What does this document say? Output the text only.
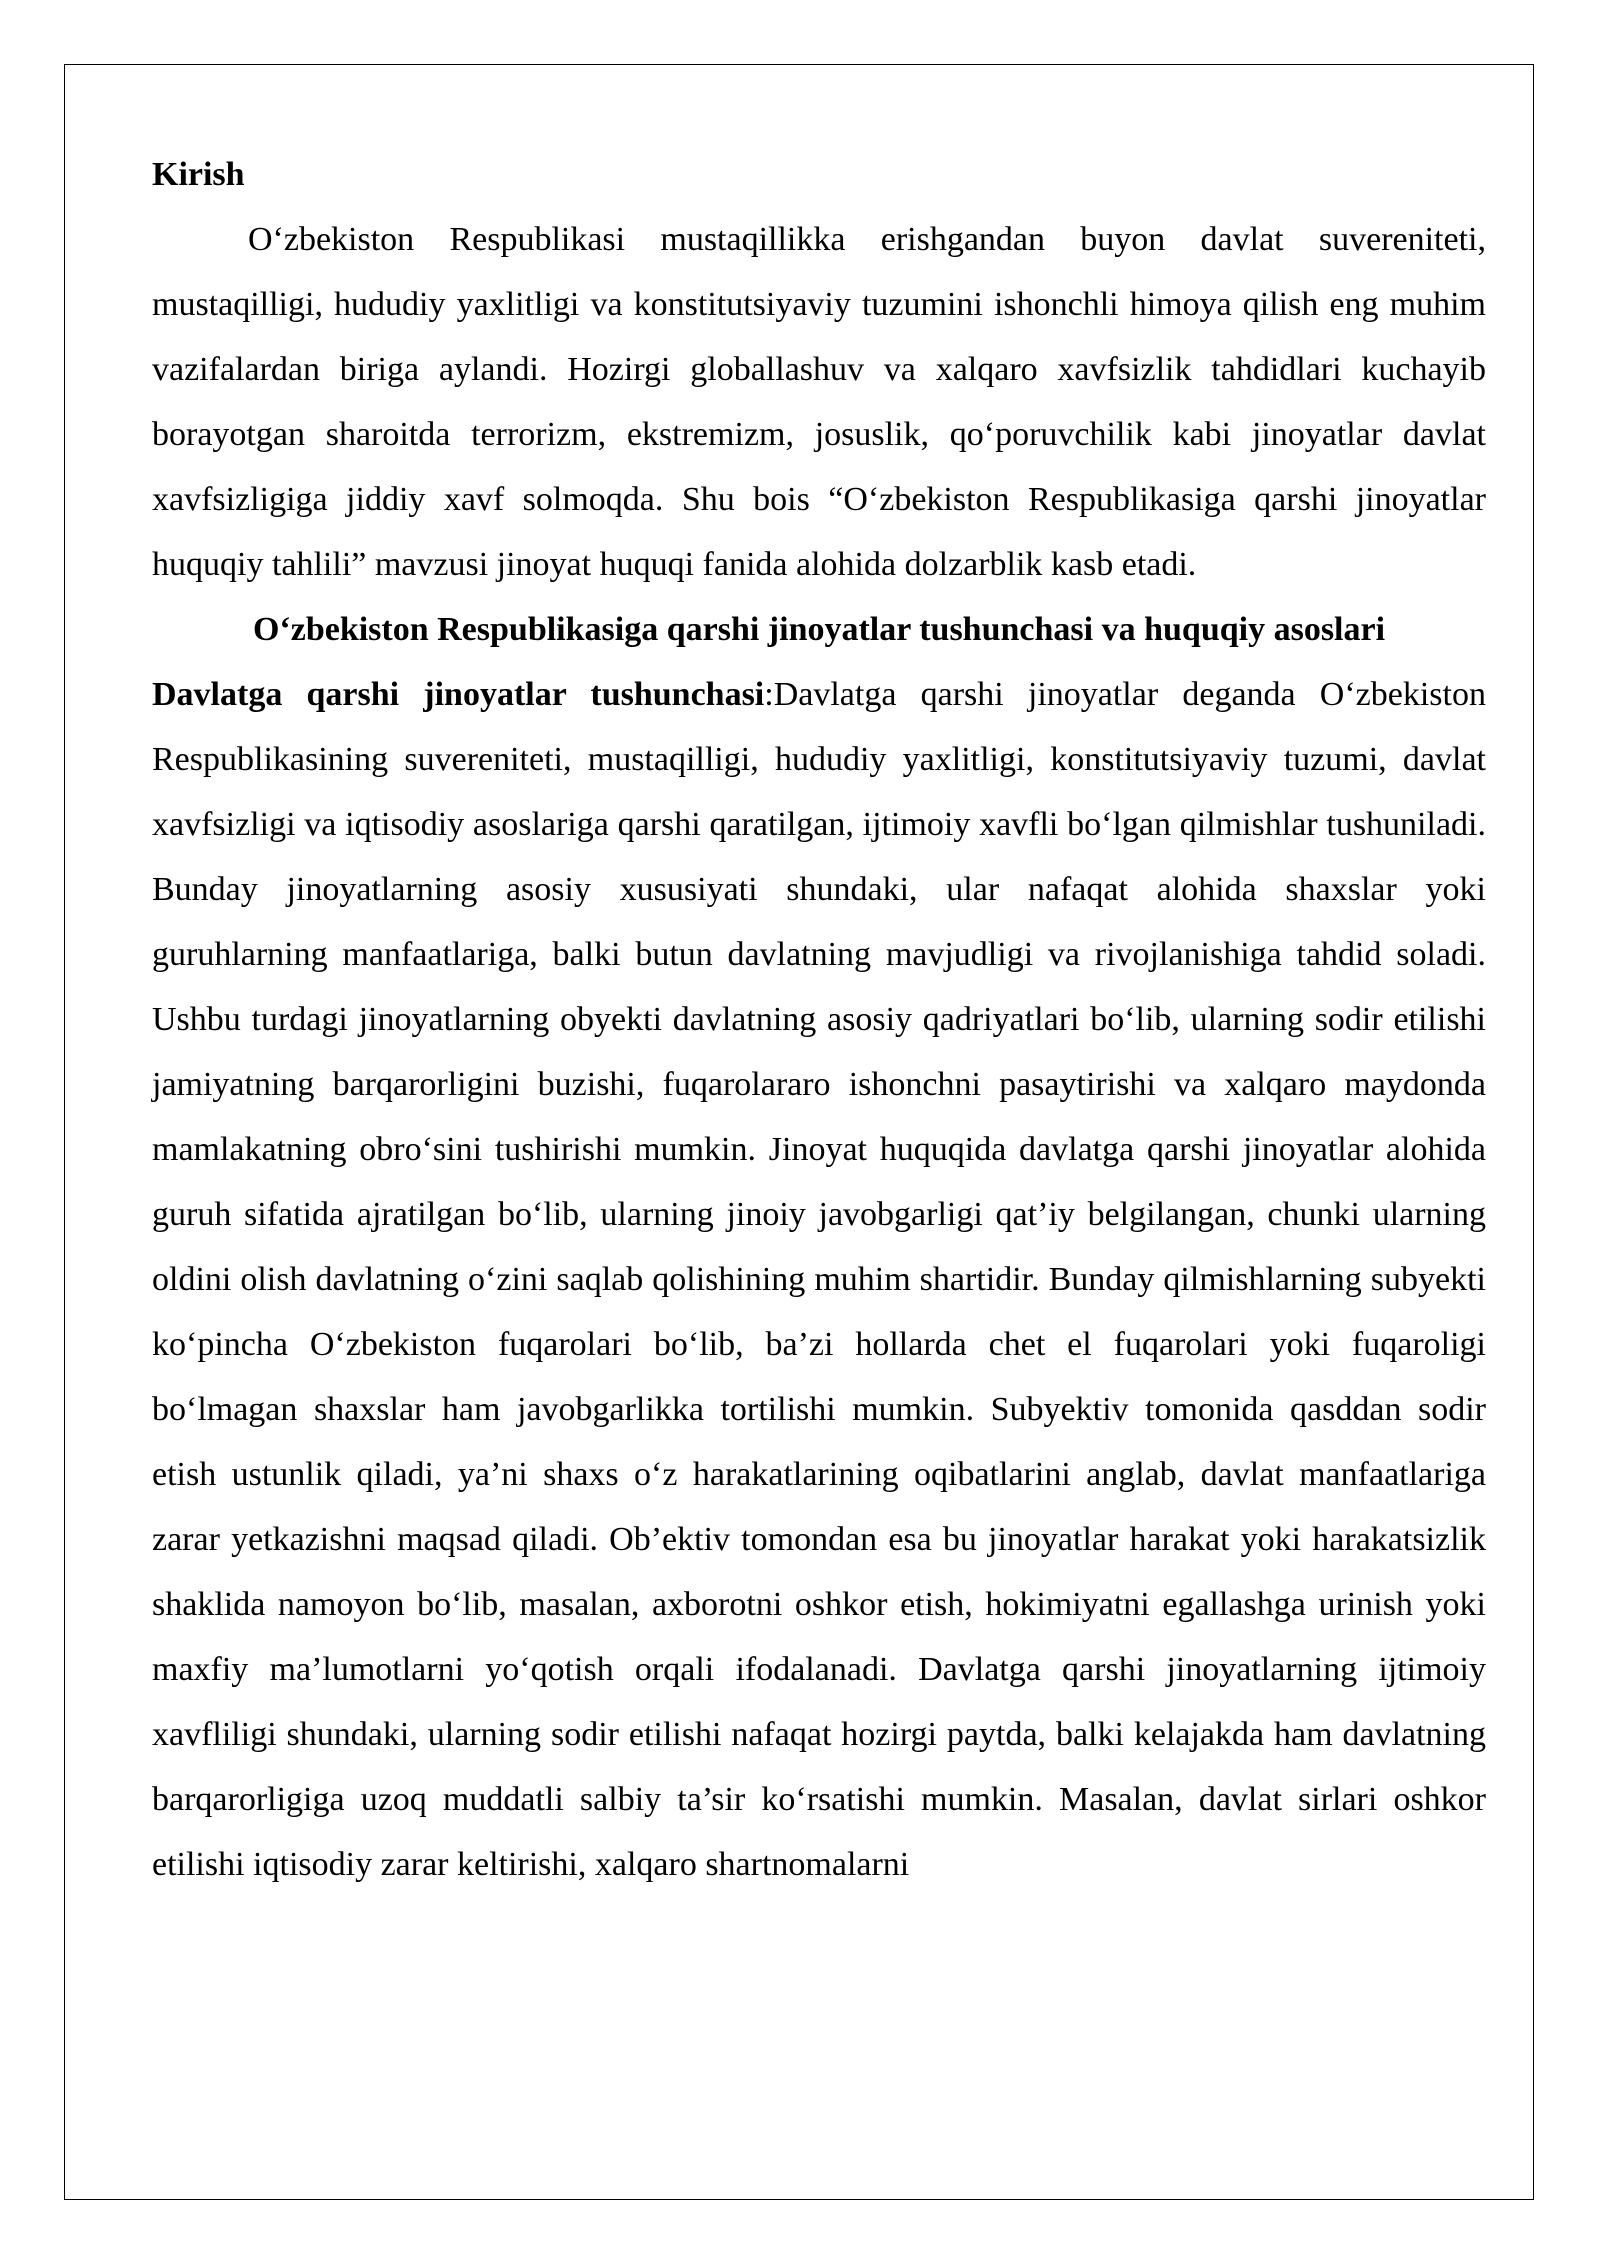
Kirish

O‘zbekiston Respublikasi mustaqillikka erishgandan buyon davlat suvereniteti, mustaqilligi, hududiy yaxlitligi va konstitutsiyaviy tuzumini ishonchli himoya qilish eng muhim vazifalardan biriga aylandi. Hozirgi globallashuv va xalqaro xavfsizlik tahdidlari kuchayib borayotgan sharoitda terrorizm, ekstremizm, josuslik, qo‘poruvchilik kabi jinoyatlar davlat xavfsizligiga jiddiy xavf solmoqda. Shu bois “O‘zbekiston Respublikasiga qarshi jinoyatlar huquqiy tahlili” mavzusi jinoyat huquqi fanida alohida dolzarblik kasb etadi.

O‘zbekiston Respublikasiga qarshi jinoyatlar tushunchasi va huquqiy asoslari

Davlatga qarshi jinoyatlar tushunchasi:Davlatga qarshi jinoyatlar deganda O‘zbekiston Respublikasining suvereniteti, mustaqilligi, hududiy yaxlitligi, konstitutsiyaviy tuzumi, davlat xavfsizligi va iqtisodiy asoslariga qarshi qaratilgan, ijtimoiy xavfli bo‘lgan qilmishlar tushuniladi. Bunday jinoyatlarning asosiy xususiyati shundaki, ular nafaqat alohida shaxslar yoki guruhlarning manfaatlariga, balki butun davlatning mavjudligi va rivojlanishiga tahdid soladi. Ushbu turdagi jinoyatlarning obyekti davlatning asosiy qadriyatlari bo‘lib, ularning sodir etilishi jamiyatning barqarorligini buzishi, fuqarolararo ishonchni pasaytirishi va xalqaro maydonda mamlakatning obro‘sini tushirishi mumkin. Jinoyat huquqida davlatga qarshi jinoyatlar alohida guruh sifatida ajratilgan bo‘lib, ularning jinoiy javobgarligi qat’iy belgilangan, chunki ularning oldini olish davlatning o‘zini saqlab qolishining muhim shartidir. Bunday qilmishlarning subyekti ko‘pincha O‘zbekiston fuqarolari bo‘lib, ba’zi hollarda chet el fuqarolari yoki fuqaroligi bo‘lmagan shaxslar ham javobgarlikka tortilishi mumkin. Subyektiv tomonida qasddan sodir etish ustunlik qiladi, ya’ni shaxs o‘z harakatlarining oqibatlarini anglab, davlat manfaatlariga zarar yetkazishni maqsad qiladi. Ob’ektiv tomondan esa bu jinoyatlar harakat yoki harakatsizlik shaklida namoyon bo‘lib, masalan, axborotni oshkor etish, hokimiyatni egallashga urinish yoki maxfiy ma’lumotlarni yo‘qotish orqali ifodalanadi. Davlatga qarshi jinoyatlarning ijtimoiy xavfliligi shundaki, ularning sodir etilishi nafaqat hozirgi paytda, balki kelajakda ham davlatning barqarorligiga uzoq muddatli salbiy ta’sir ko‘rsatishi mumkin. Masalan, davlat sirlari oshkor etilishi iqtisodiy zarar keltirishi, xalqaro shartnomalarni
